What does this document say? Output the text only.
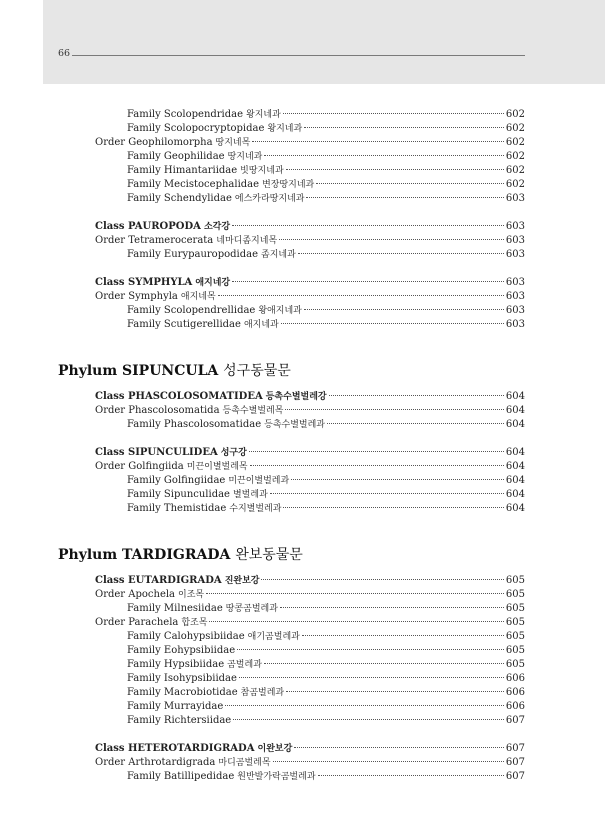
66
Family Scolopendridae 왕지네과	602
Family Scolopocryptopidae 왕지네과	602
Order Geophilomorpha 땅지네목	602
Family Geophilidae 땅지네과	602
Family Himantariidae 빗땅지네과	602
Family Mecistocephalidae 변장땅지네과	602
Family Schendylidae 에스카라땅지네과	603
Class PAUROPODA 소각강	603
Order Tetramerocerata 네마디좀지네목	603
Family Eurypauropodidae 좀지네과	603
Class SYMPHYLA 애지네강	603
Order Symphyla 애지네목	603
Family Scolopendrellidae 왕애지네과	603
Family Scutigerellidae 애지네과	603
Phylum SIPUNCULA 성구동물문
Class PHASCOLOSOMATIDEA 등촉수별벌레강	604
Order Phascolosomatida 등촉수별벌레목	604
Family Phascolosomatidae 등촉수별벌레과	604
Class SIPUNCULIDEA 성구강	604
Order Golfingiida 미끈이별벌레목	604
Family Golfingiidae 미끈이별벌레과	604
Family Sipunculidae 별벌레과	604
Family Themistidae 수지별벌레과	604
Phylum TARDIGRADA 완보동물문
Class EUTARDIGRADA 진완보강	605
Order Apochela 이조목	605
Family Milnesiidae 땅콩곰벌레과	605
Order Parachela 합조목	605
Family Calohypsibiidae 애기곰벌레과	605
Family Eohypsibiidae	605
Family Hypsibiidae 곰벌레과	605
Family Isohypsibiidae	606
Family Macrobiotidae 참곰벌레과	606
Family Murrayidae	606
Family Richtersiidae	607
Class HETEROTARDIGRADA 이완보강	607
Order Arthrotardigrada 마디곰벌레목	607
Family Batillipedidae 원반발가락곰벌레과	607
